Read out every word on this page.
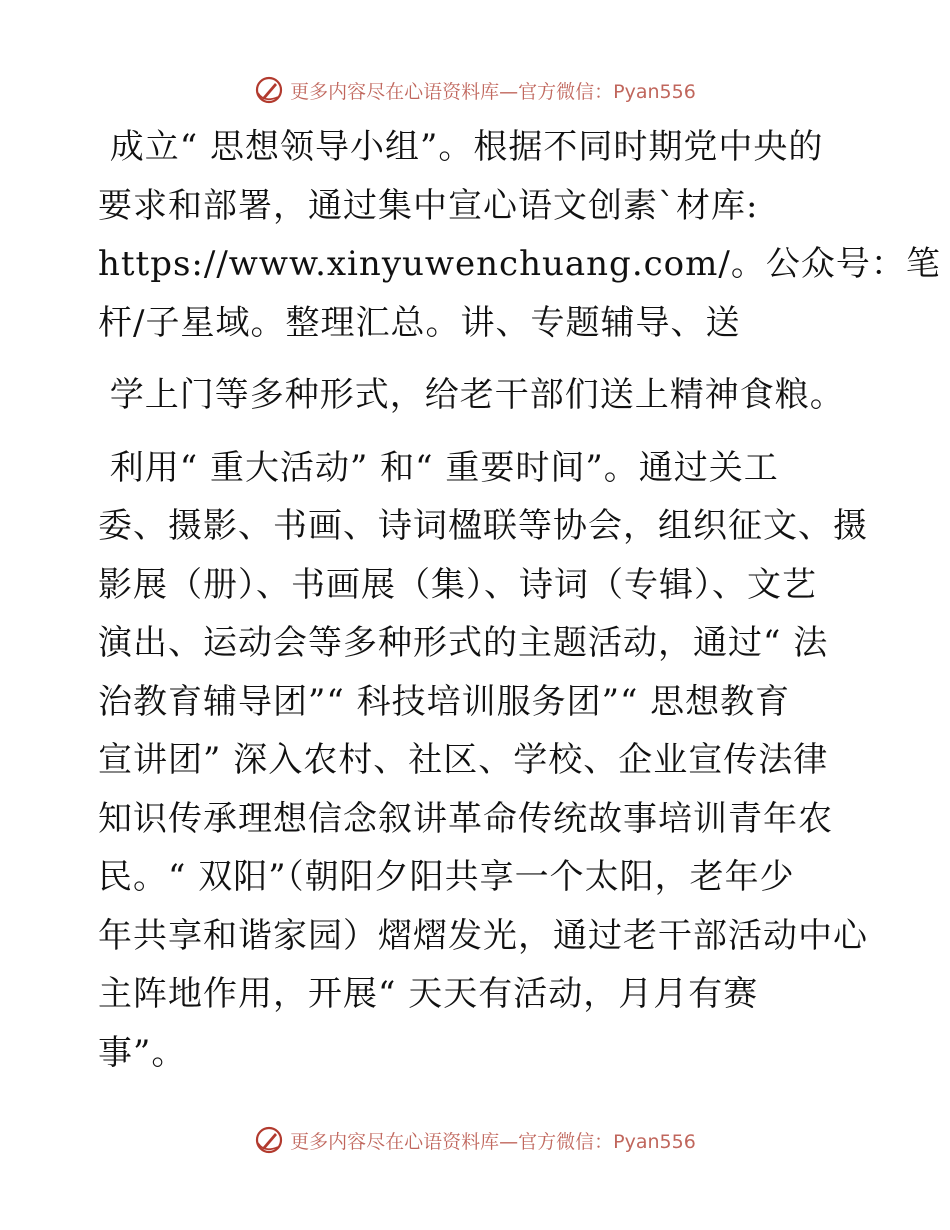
更多内容尽在心语资料库—官方微信：Pyan556
成立“ 思想领导小组”。根据不同时期党中央的
要求和部署，通过集中宣心语文创素`材库:
https://www.xinyuwenchuang.com/。公众号：笔
杆/子星域。整理汇总。讲、专题辅导、送
学上门等多种形式，给老干部们送上精神食粮。
利用“ 重大活动” 和“ 重要时间”。通过关工
委、摄影、书画、诗词楹联等协会，组织征文、摄
影展（册）、书画展（集）、诗词（专辑）、文艺
演出、运动会等多种形式的主题活动，通过“ 法
治教育辅导团”“ 科技培训服务团”“ 思想教育
宣讲团” 深入农村、社区、学校、企业宣传法律
知识传承理想信念叙讲革命传统故事培训青年农
民。“ 双阳”（朝阳夕阳共享一个太阳，老年少
年共享和谐家园）熠熠发光，通过老干部活动中心
主阵地作用，开展“ 天天有活动，月月有赛
事”。
更多内容尽在心语资料库—官方微信：Pyan556
